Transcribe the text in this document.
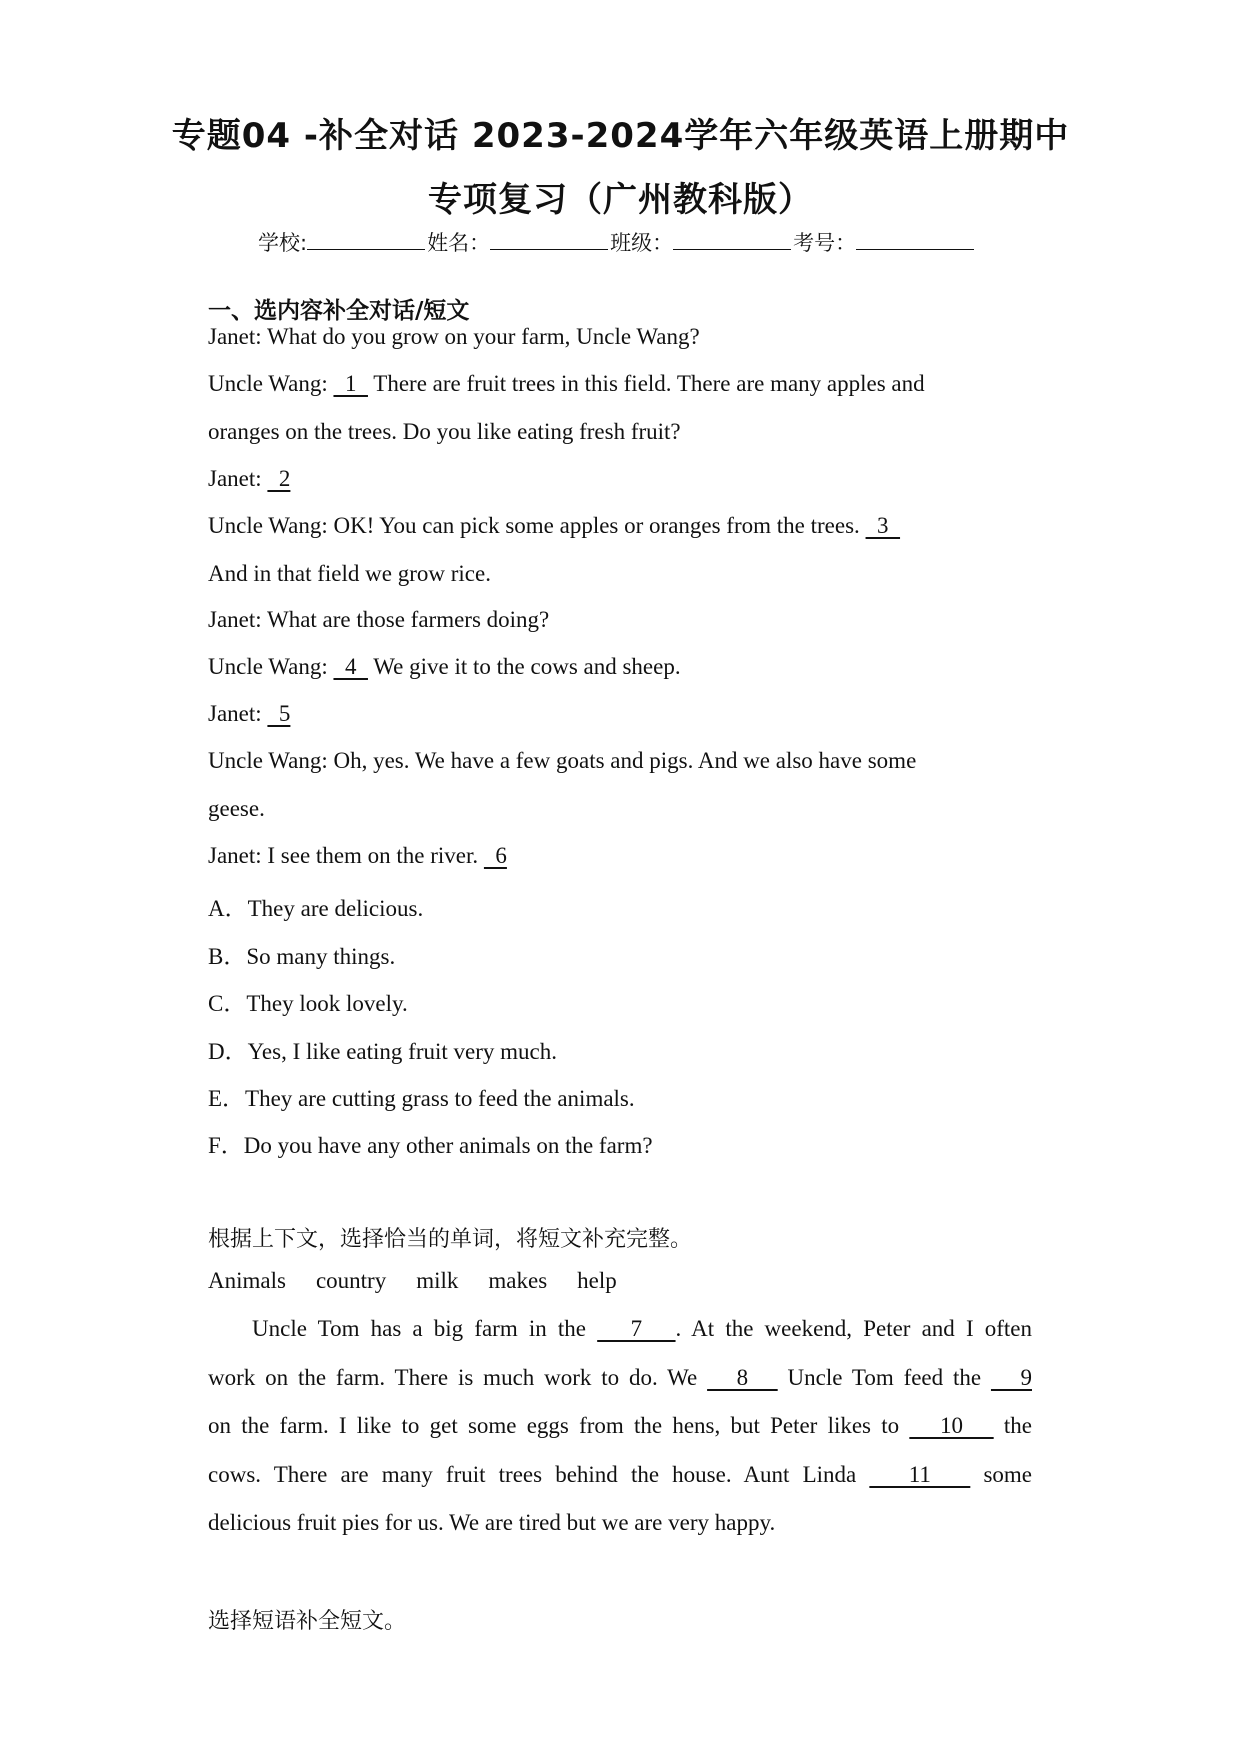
专题04 -补全对话 2023-2024学年六年级英语上册期中
专项复习（广州教科版）
学校:	姓名：	班级：	考号：
一、选内容补全对话/短文
Janet: What do you grow on your farm, Uncle Wang?
Uncle Wang:   1   There are fruit trees in this field. There are many apples and
oranges on the trees. Do you like eating fresh fruit?
Janet:   2
Uncle Wang: OK! You can pick some apples or oranges from the trees.   3
And in that field we grow rice.
Janet: What are those farmers doing?
Uncle Wang:   4   We give it to the cows and sheep.
Janet:   5
Uncle Wang: Oh, yes. We have a few goats and pigs. And we also have some
geese.
Janet: I see them on the river.   6
A．They are delicious.
B．So many things.
C．They look lovely.
D．Yes, I like eating fruit very much.
E．They are cutting grass to feed the animals.
F．Do you have any other animals on the farm?
根据上下文，选择恰当的单词，将短文补充完整。
Animals country milk makes help
Uncle Tom has a big farm in the    7   . At the weekend, Peter and I often
work on the farm. There is much work to do. We    8    Uncle Tom feed the    9
on the farm. I like to get some eggs from the hens, but Peter likes to    10    the
cows. There are many fruit trees behind the house. Aunt Linda    11    some
delicious fruit pies for us. We are tired but we are very happy.
选择短语补全短文。
